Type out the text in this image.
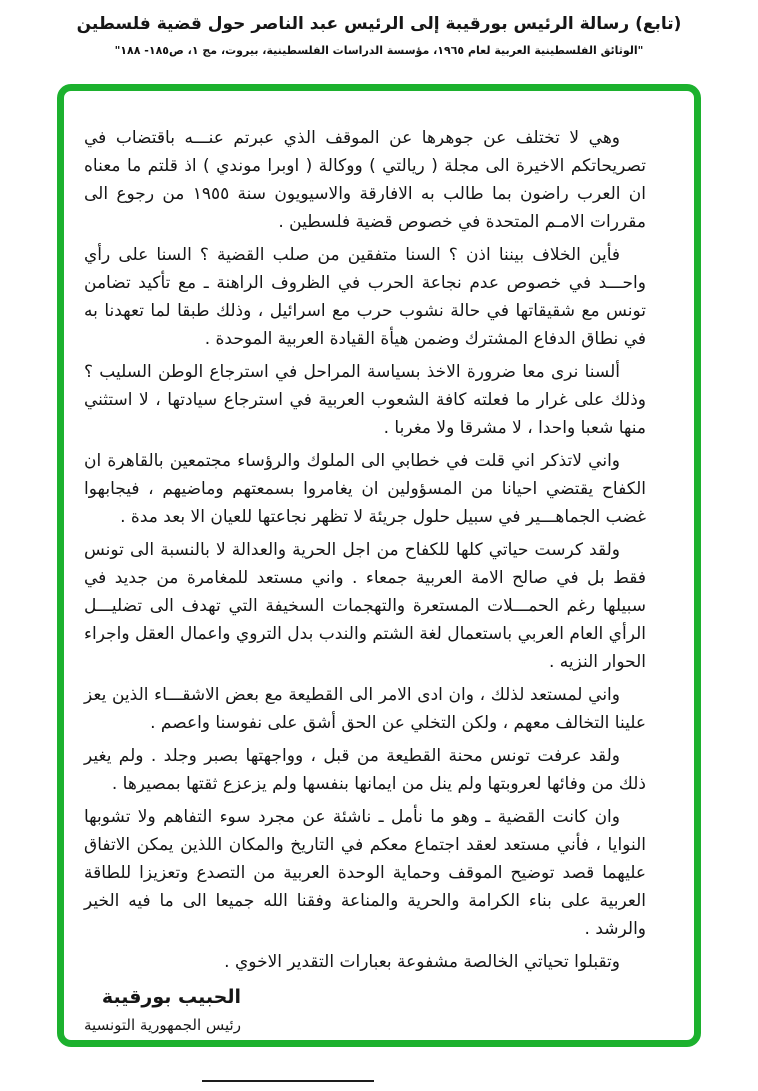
(تابع) رسالة الرئيس بورقيبة إلى الرئيس عبد الناصر حول قضية فلسطين
"الوثائق الفلسطينية العربية لعام ١٩٦٥، مؤسسة الدراسات الفلسطينية، بيروت، مج ١، ص١٨٥- ١٨٨"

وهي لا تختلف عن جوهرها عن الموقف الذي عبرتم عنـــه باقتضاب في تصريحاتكم الاخيرة الى مجلة ( ريالتي ) ووكالة ( اوبرا موندي ) اذ قلتم ما معناه ان العرب راضون بما طالب به الافارقة والاسيويون سنة ١٩٥٥ من رجوع الى مقررات الامـم المتحدة في خصوص قضية فلسطين .

فأين الخلاف بيننا اذن ؟ السنا متفقين من صلب القضية ؟ السنا على رأي واحـــد في خصوص عدم نجاعة الحرب في الظروف الراهنة ـ مع تأكيد تضامن تونس مع شقيقاتها في حالة نشوب حرب مع اسرائيل ، وذلك طبقا لما تعهدنا به في نطاق الدفاع المشترك وضمن هيأة القيادة العربية الموحدة .

ألسنا نرى معا ضرورة الاخذ بسياسة المراحل في استرجاع الوطن السليب ؟ وذلك على غرار ما فعلته كافة الشعوب العربية في استرجاع سيادتها ، لا استثني منها شعبا واحدا ، لا مشرقا ولا مغربا .

واني لاتذكر اني قلت في خطابي الى الملوك والرؤساء مجتمعين بالقاهرة ان الكفاح يقتضي احيانا من المسؤولين ان يغامروا بسمعتهم وماضيهم ، فيجابهوا غضب الجماهـــير في سبيل حلول جريئة لا تظهر نجاعتها للعيان الا بعد مدة .

ولقد كرست حياتي كلها للكفاح من اجل الحرية والعدالة لا بالنسبة الى تونس فقط بل في صالح الامة العربية جمعاء . واني مستعد للمغامرة من جديد في سبيلها رغم الحمـــلات المستعرة والتهجمات السخيفة التي تهدف الى تضليـــل الرأي العام العربي باستعمال لغة الشتم والندب بدل التروي واعمال العقل واجراء الحوار النزيه .

واني لمستعد لذلك ، وان ادى الامر الى القطيعة مع بعض الاشقـــاء الذين يعز علينا التخالف معهم ، ولكن التخلي عن الحق أشق على نفوسنا واعصم .

ولقد عرفت تونس محنة القطيعة من قبل ، وواجهتها بصبر وجلد . ولم يغير ذلك من وفائها لعروبتها ولم ينل من ايمانها بنفسها ولم يزعزع ثقتها بمصيرها .

وان كانت القضية ـ وهو ما نأمل ـ ناشئة عن مجرد سوء التفاهم ولا تشوبها النوايا ، فأني مستعد لعقد اجتماع معكم في التاريخ والمكان اللذين يمكن الاتفاق عليهما قصد توضيح الموقف وحماية الوحدة العربية من التصدع وتعزيزا للطاقة العربية على بناء الكرامة والحرية والمناعة وفقنا الله جميعا الى ما فيه الخير والرشد .

وتقبلوا تحياتي الخالصة مشفوعة بعبارات التقدير الاخوي .

الحبيب بورقيبة
رئيس الجمهورية التونسية
